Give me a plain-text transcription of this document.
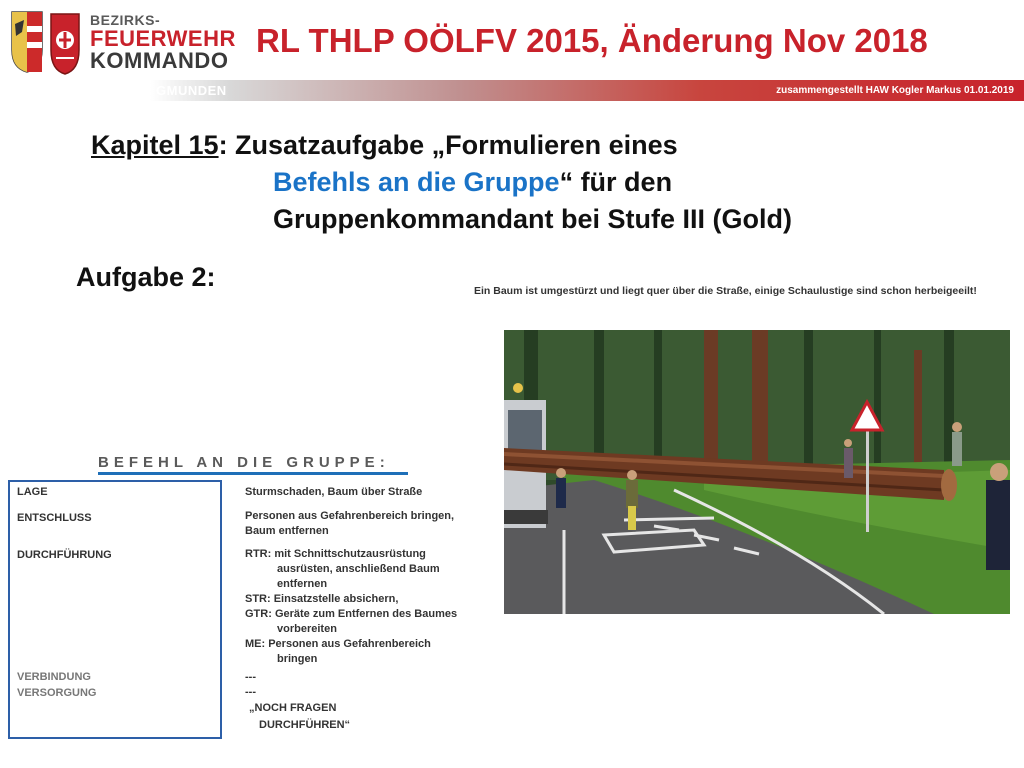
BEZIRKS-
FEUERWEHR
KOMMANDO
RL THLP OÖLFV 2015, Änderung Nov 2018
GMUNDEN	zusammengestellt HAW Kogler Markus 01.01.2019
Kapitel 15: Zusatzaufgabe „Formulieren eines
Befehls an die Gruppe“ für den
Gruppenkommandant bei Stufe III (Gold)
Aufgabe 2:	Ein Baum ist umgestürzt und liegt quer über die Straße, einige Schaulustige sind schon herbeigeeilt!
BEFEHL AN DIE GRUPPE:
LAGE
ENTSCHLUSS
DURCHFÜHRUNG
VERBINDUNG
VERSORGUNG
Sturmschaden, Baum über Straße
Personen aus Gefahrenbereich bringen,
Baum entfernen
RTR: mit Schnittschutzausrüstung
ausrüsten, anschließend Baum
entfernen
STR: Einsatzstelle absichern,
GTR: Geräte zum Entfernen des Baumes
vorbereiten
ME: Personen aus Gefahrenbereich
bringen
---
---
„NOCH FRAGEN
DURCHFÜHREN“
